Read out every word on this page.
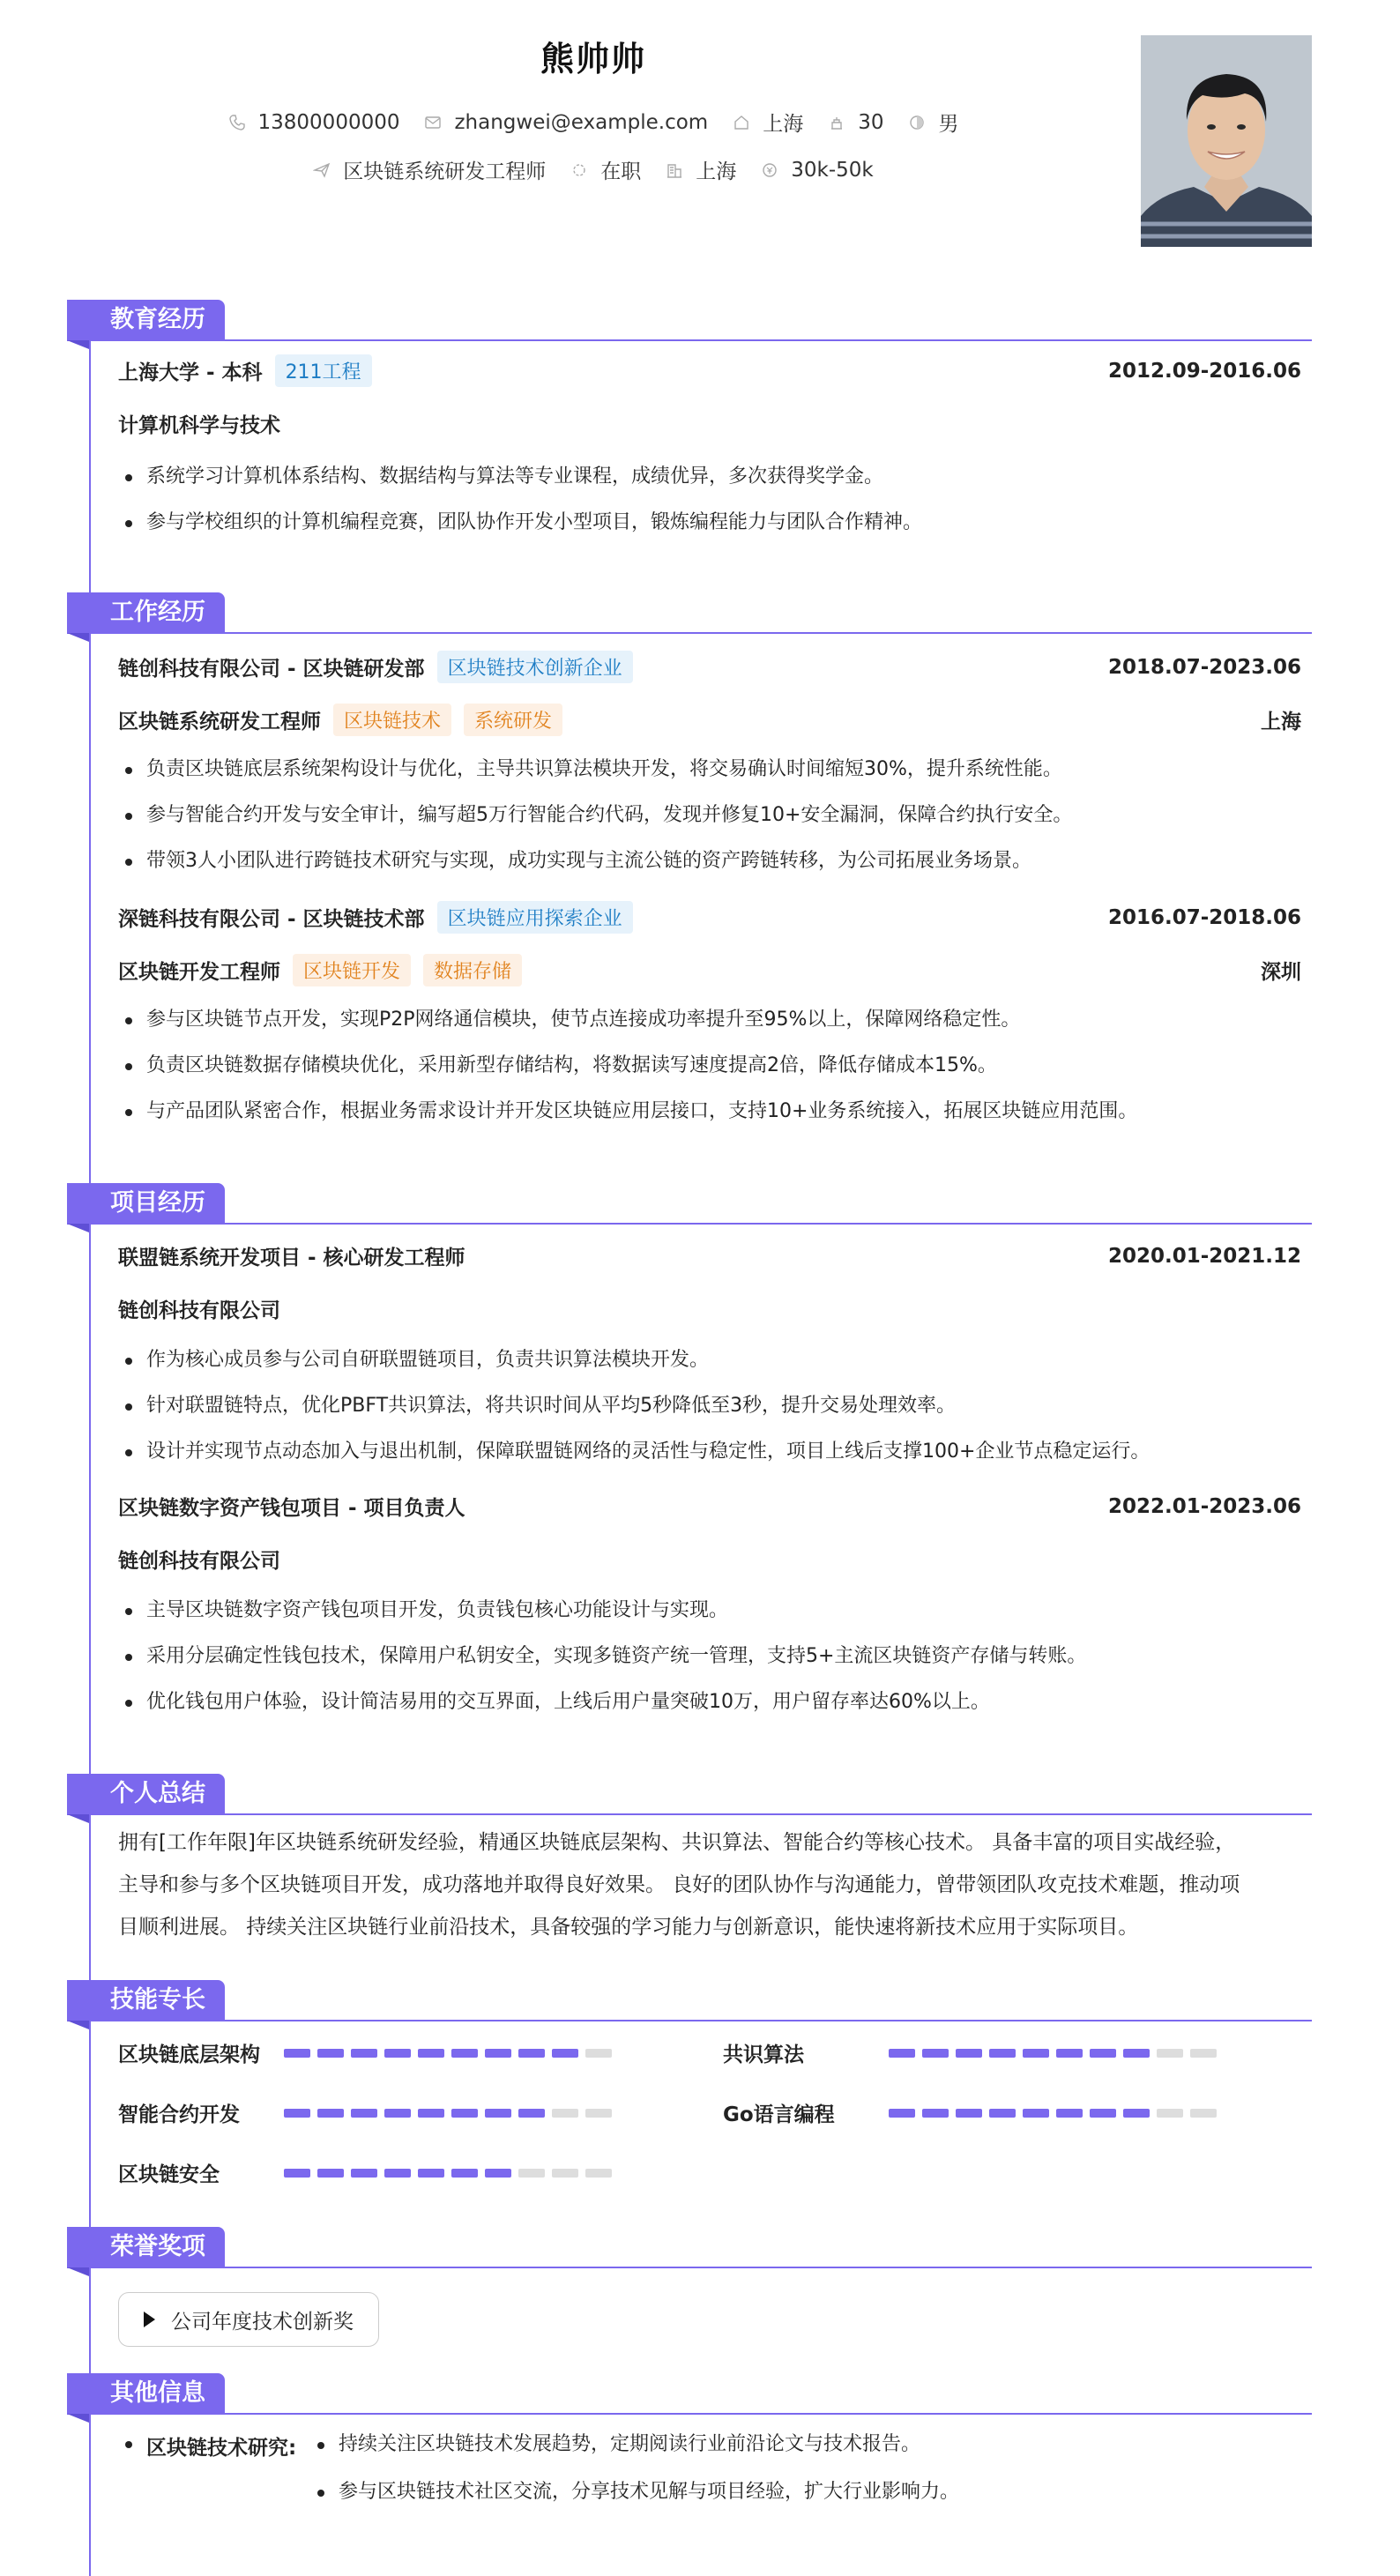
熊帅帅
13800000000	zhangwei@example.com	上海	30	男
区块链系统研发工程师	在职	上海	30k-50k
教育经历
上海大学 - 本科	211工程	2012.09-2016.06
计算机科学与技术
系统学习计算机体系结构、数据结构与算法等专业课程，成绩优异，多次获得奖学金。
参与学校组织的计算机编程竞赛，团队协作开发小型项目，锻炼编程能力与团队合作精神。
工作经历
链创科技有限公司 - 区块链研发部	区块链技术创新企业	2018.07-2023.06
区块链系统研发工程师	区块链技术	系统研发	上海
负责区块链底层系统架构设计与优化，主导共识算法模块开发，将交易确认时间缩短30%，提升系统性能。
参与智能合约开发与安全审计，编写超5万行智能合约代码，发现并修复10+安全漏洞，保障合约执行安全。
带领3人小团队进行跨链技术研究与实现，成功实现与主流公链的资产跨链转移，为公司拓展业务场景。
深链科技有限公司 - 区块链技术部	区块链应用探索企业	2016.07-2018.06
区块链开发工程师	区块链开发	数据存储	深圳
参与区块链节点开发，实现P2P网络通信模块，使节点连接成功率提升至95%以上，保障网络稳定性。
负责区块链数据存储模块优化，采用新型存储结构，将数据读写速度提高2倍，降低存储成本15%。
与产品团队紧密合作，根据业务需求设计并开发区块链应用层接口，支持10+业务系统接入，拓展区块链应用范围。
项目经历
联盟链系统开发项目 - 核心研发工程师	2020.01-2021.12
链创科技有限公司
作为核心成员参与公司自研联盟链项目，负责共识算法模块开发。
针对联盟链特点，优化PBFT共识算法，将共识时间从平均5秒降低至3秒，提升交易处理效率。
设计并实现节点动态加入与退出机制，保障联盟链网络的灵活性与稳定性，项目上线后支撑100+企业节点稳定运行。
区块链数字资产钱包项目 - 项目负责人	2022.01-2023.06
链创科技有限公司
主导区块链数字资产钱包项目开发，负责钱包核心功能设计与实现。
采用分层确定性钱包技术，保障用户私钥安全，实现多链资产统一管理，支持5+主流区块链资产存储与转账。
优化钱包用户体验，设计简洁易用的交互界面，上线后用户量突破10万，用户留存率达60%以上。
个人总结
拥有[工作年限]年区块链系统研发经验，精通区块链底层架构、共识算法、智能合约等核心技术。 具备丰富的项目实战经验，
主导和参与多个区块链项目开发，成功落地并取得良好效果。 良好的团队协作与沟通能力，曾带领团队攻克技术难题，推动项
目顺利进展。 持续关注区块链行业前沿技术，具备较强的学习能力与创新意识，能快速将新技术应用于实际项目。
技能专长
区块链底层架构	共识算法
智能合约开发	Go语言编程
区块链安全
荣誉奖项
公司年度技术创新奖
其他信息
区块链技术研究:	持续关注区块链技术发展趋势，定期阅读行业前沿论文与技术报告。
参与区块链技术社区交流，分享技术见解与项目经验，扩大行业影响力。
